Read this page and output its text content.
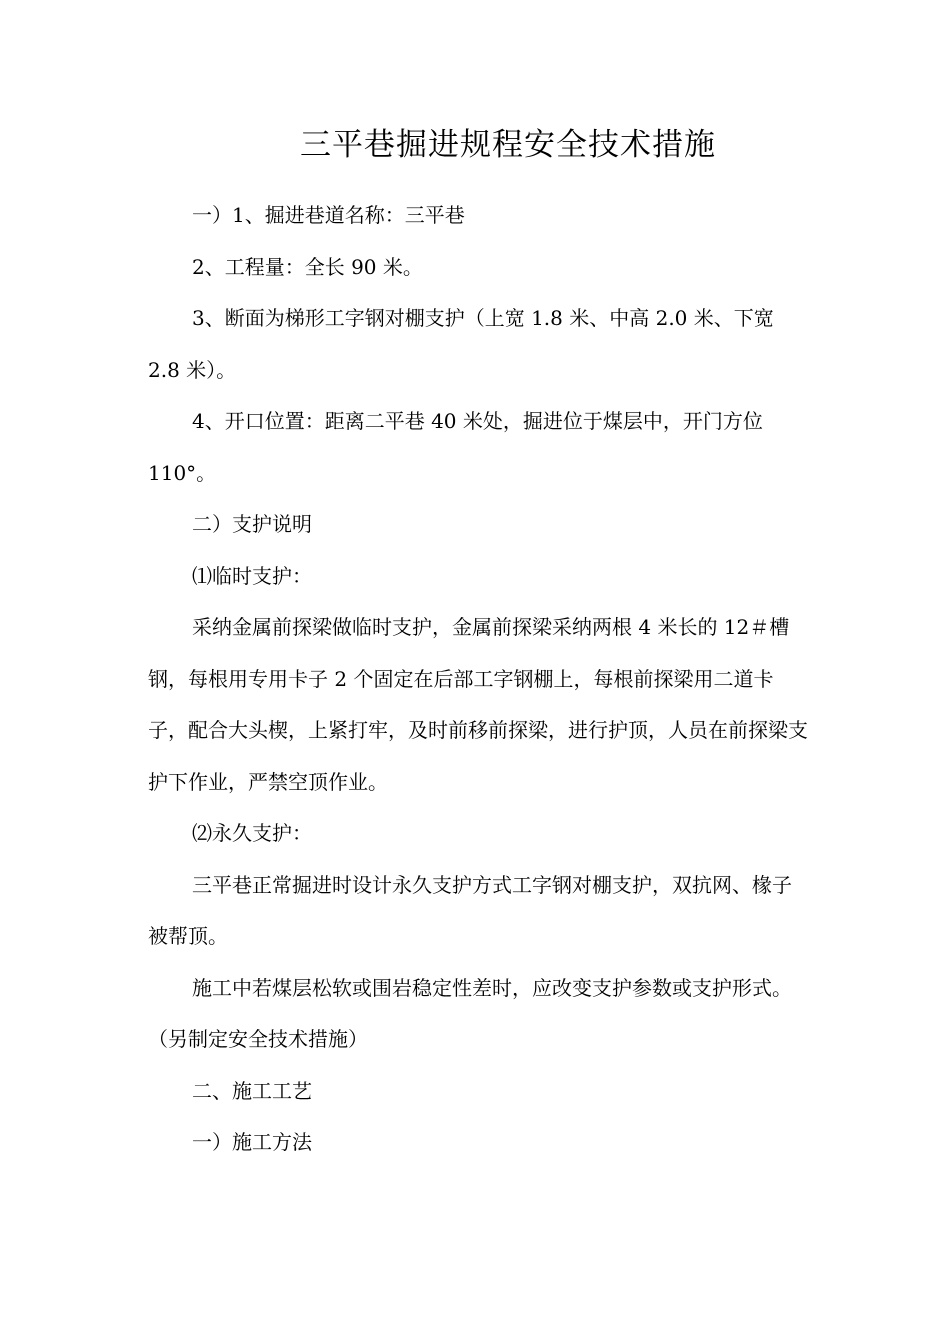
三平巷掘进规程安全技术措施

一）1、掘进巷道名称：三平巷

2、工程量：全长 90 米。

3、断面为梯形工字钢对棚支护（上宽 1.8 米、中高 2.0 米、下宽 2.8 米）。

4、开口位置：距离二平巷 40 米处，掘进位于煤层中，开门方位 110°。

二）支护说明

⑴临时支护：

采纳金属前探梁做临时支护，金属前探梁采纳两根 4 米长的 12＃槽钢，每根用专用卡子 2 个固定在后部工字钢棚上，每根前探梁用二道卡子，配合大头楔，上紧打牢，及时前移前探梁，进行护顶，人员在前探梁支护下作业，严禁空顶作业。

⑵永久支护：

三平巷正常掘进时设计永久支护方式工字钢对棚支护，双抗网、椽子被帮顶。

施工中若煤层松软或围岩稳定性差时，应改变支护参数或支护形式。（另制定安全技术措施）

二、施工工艺

一）施工方法
